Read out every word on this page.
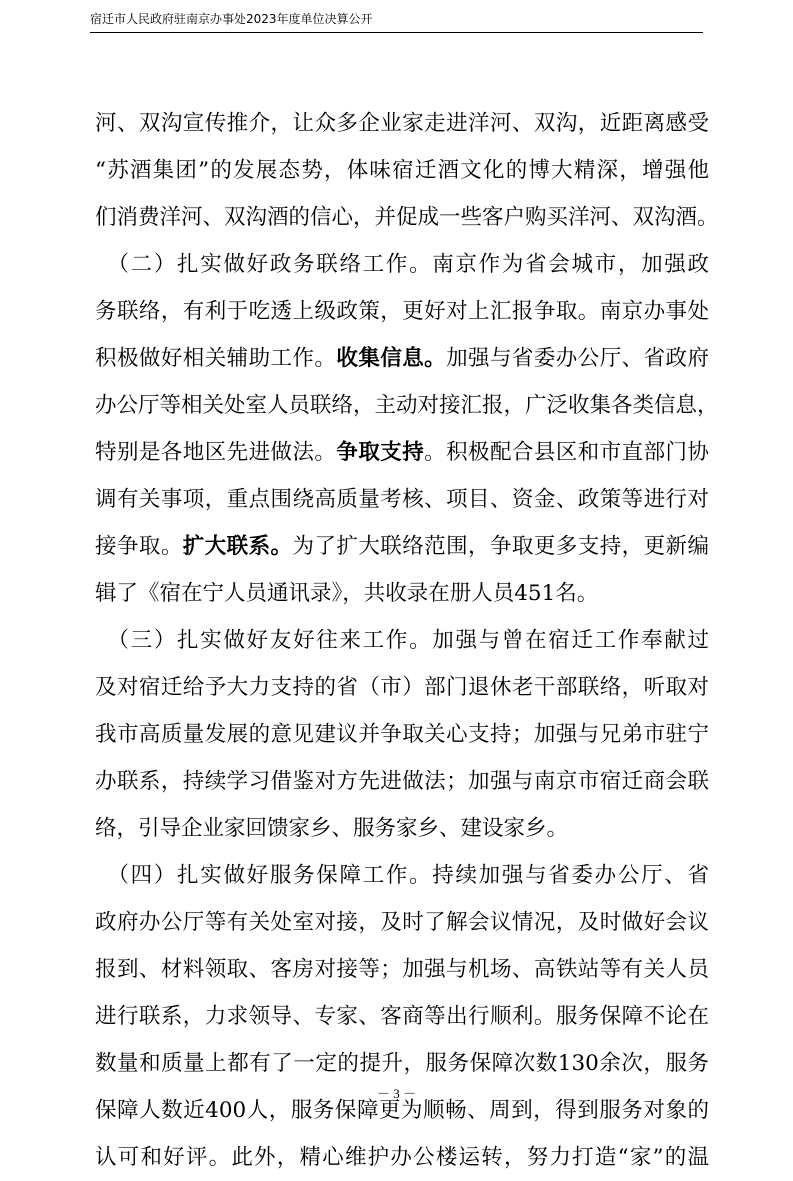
宿迁市人民政府驻南京办事处2023年度单位决算公开
河、双沟宣传推介，让众多企业家走进洋河、双沟，近距离感受
“苏酒集团”的发展态势，体味宿迁酒文化的博大精深，增强他
们消费洋河、双沟酒的信心，并促成一些客户购买洋河、双沟酒。
　（二）扎实做好政务联络工作。南京作为省会城市，加强政
务联络，有利于吃透上级政策，更好对上汇报争取。南京办事处
积极做好相关辅助工作。收集信息。加强与省委办公厅、省政府
办公厅等相关处室人员联络，主动对接汇报，广泛收集各类信息，
特别是各地区先进做法。争取支持。积极配合县区和市直部门协
调有关事项，重点围绕高质量考核、项目、资金、政策等进行对
接争取。扩大联系。为了扩大联络范围，争取更多支持，更新编
辑了《宿在宁人员通讯录》，共收录在册人员451名。
　（三）扎实做好友好往来工作。加强与曾在宿迁工作奉献过
及对宿迁给予大力支持的省（市）部门退休老干部联络，听取对
我市高质量发展的意见建议并争取关心支持；加强与兄弟市驻宁
办联系，持续学习借鉴对方先进做法；加强与南京市宿迁商会联
络，引导企业家回馈家乡、服务家乡、建设家乡。
　（四）扎实做好服务保障工作。持续加强与省委办公厅、省
政府办公厅等有关处室对接，及时了解会议情况，及时做好会议
报到、材料领取、客房对接等；加强与机场、高铁站等有关人员
进行联系，力求领导、专家、客商等出行顺利。服务保障不论在
数量和质量上都有了一定的提升，服务保障次数130余次，服务
保障人数近400人，服务保障更为顺畅、周到，得到服务对象的
认可和好评。此外，精心维护办公楼运转，努力打造“家”的温
－ 3 －
